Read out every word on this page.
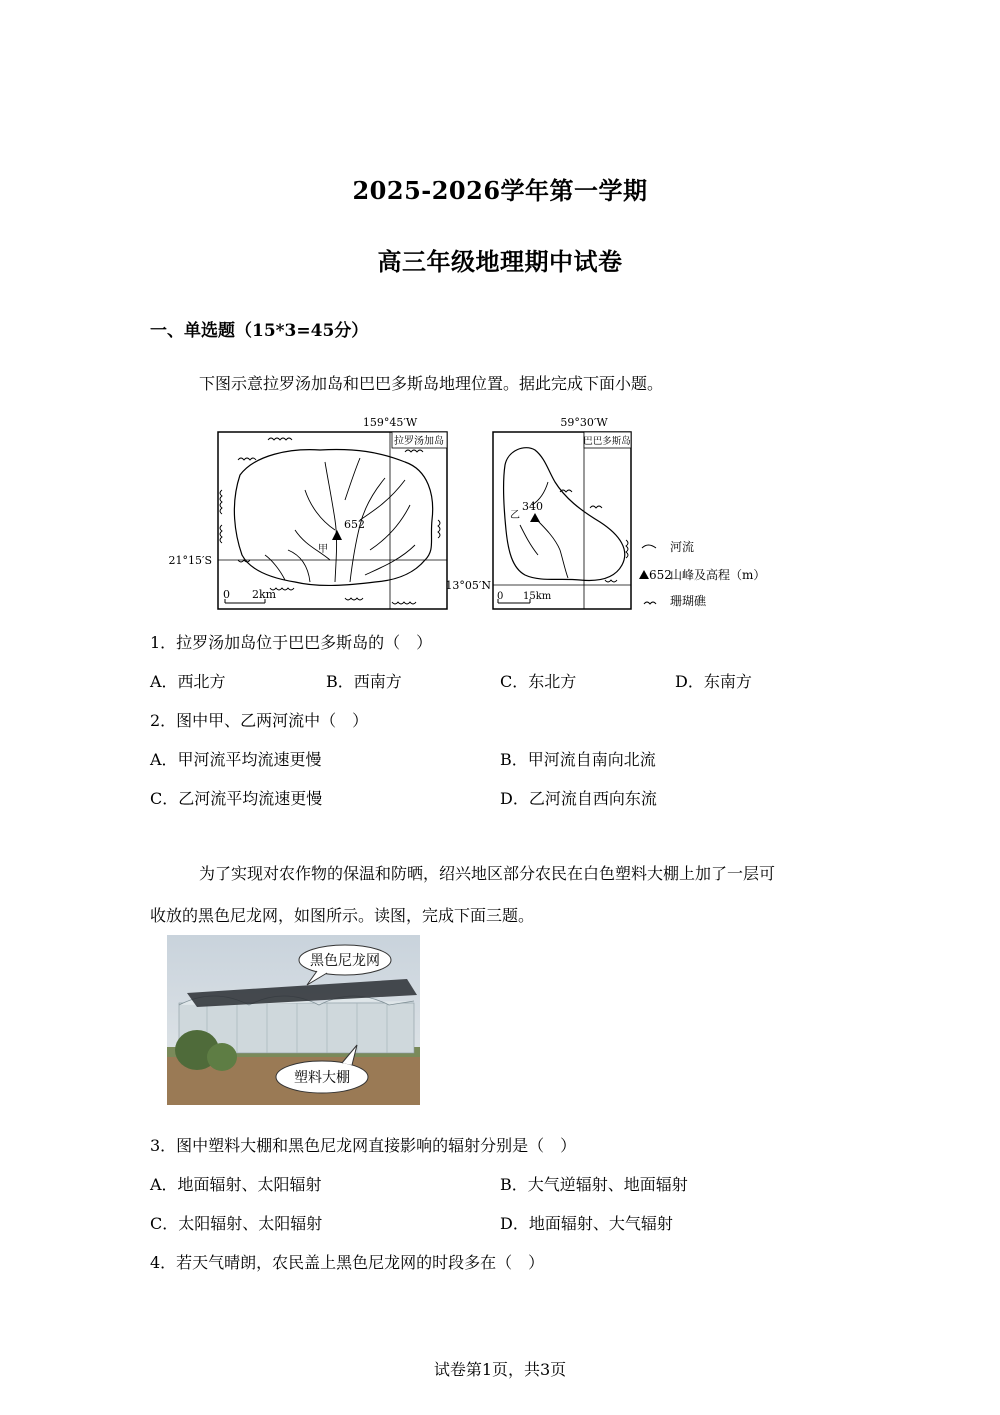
2025-2026学年第一学期
高三年级地理期中试卷
一、单选题（15*3=45分）
下图示意拉罗汤加岛和巴巴多斯岛地理位置。据此完成下面小题。
拉罗汤加岛
159°45′W
21°15′S
652
甲
0 2km
巴巴多斯岛
59°30′W
13°05′N
340
乙
0 15km
河流
652
山峰及高程（m）
珊瑚礁
1．拉罗汤加岛位于巴巴多斯岛的（　）
A．西北方	B．西南方	C．东北方	D．东南方
2．图中甲、乙两河流中（　）
A．甲河流平均流速更慢	B．甲河流自南向北流
C．乙河流平均流速更慢	D．乙河流自西向东流
为了实现对农作物的保温和防晒，绍兴地区部分农民在白色塑料大棚上加了一层可
收放的黑色尼龙网，如图所示。读图，完成下面三题。
黑色尼龙网
塑料大棚
3．图中塑料大棚和黑色尼龙网直接影响的辐射分别是（　）
A．地面辐射、太阳辐射	B．大气逆辐射、地面辐射
C．太阳辐射、太阳辐射	D．地面辐射、大气辐射
4．若天气晴朗，农民盖上黑色尼龙网的时段多在（　）
试卷第1页，共3页
